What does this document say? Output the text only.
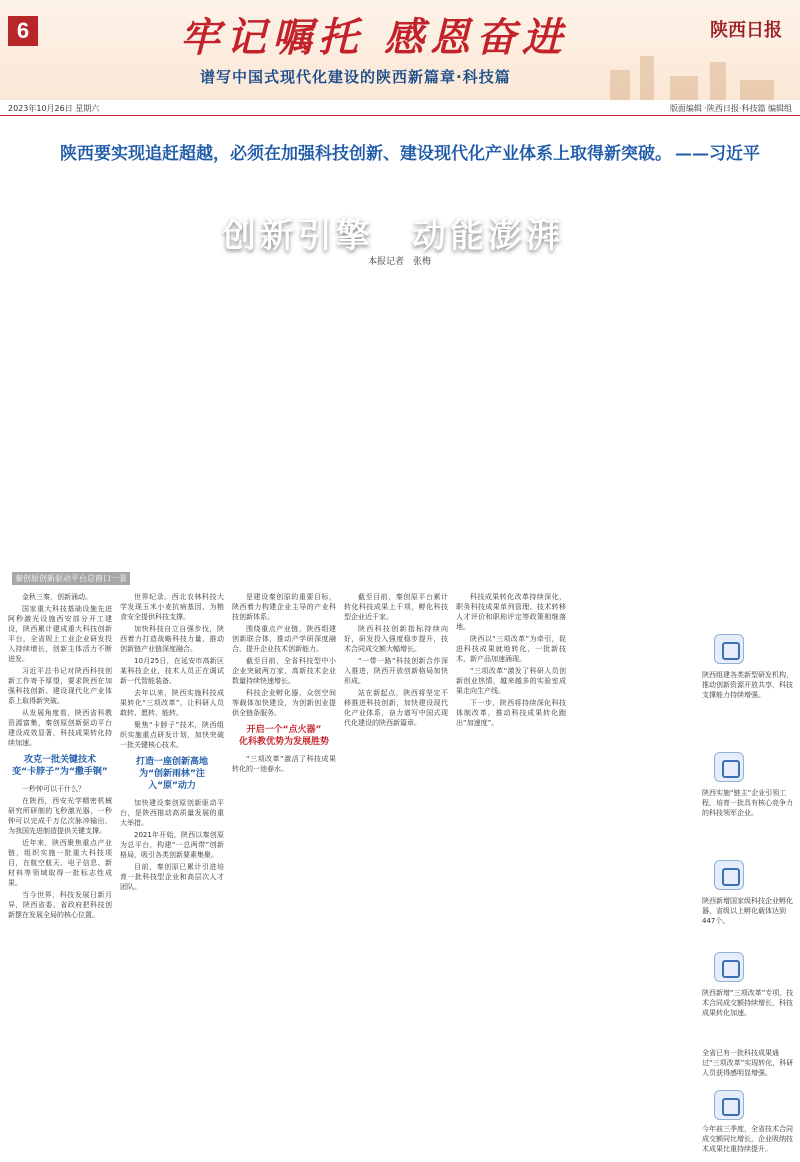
6	牢记嘱托 感恩奋进	陕西日报
谱写中国式现代化建设的陕西新篇章·科技篇
2023年10月26日 星期六	版面编辑 ·陕西日报·科技篇 编辑组
秦创原总窗口
秦创原
陕西要实现追赶超越，必须在加强科技创新、建设现代化产业体系上取得新突破。 ——习近平
创新引擎　动能澎湃
本报记者　张梅
秦创原创新驱动平台总窗口一景

金秋三秦，创新涌动。

国家重大科技基础设施先进阿秒激光设施西安部分开工建设，陕西累计建成重大科技创新平台，全省规上工业企业研发投入持续增长，创新主体活力不断迸发。

习近平总书记对陕西科技创新工作寄予厚望，要求陕西在加强科技创新、建设现代化产业体系上取得新突破。

从发展角度看，陕西省科教资源富集，秦创原创新驱动平台建设成效显著，科技成果转化持续加速。

攻克一批关键技术
变“卡脖子”为“撒手锏”

一秒钟可以干什么？

在陕西，西安光学精密机械研究所研制的飞秒激光器，一秒钟可以完成千万亿次脉冲输出，为我国先进制造提供关键支撑。

近年来，陕西聚焦重点产业链，组织实施一批重大科技项目，在航空航天、电子信息、新材料等领域取得一批标志性成果。

当今世界，科技发展日新月异，陕西省委、省政府把科技创新摆在发展全局的核心位置。

世界纪录。西北农林科技大学发现玉米小麦抗病基因，为粮食安全提供科技支撑。

加快科技自立自强步伐，陕西着力打造战略科技力量，推动创新链产业链深度融合。

10月25日，在延安市高新区某科技企业，技术人员正在调试新一代智能装备。

去年以来，陕西实施科技成果转化“三项改革”，让科研人员敢转、愿转、能转。

聚焦“卡脖子”技术，陕西组织实施重点研发计划，加快突破一批关键核心技术。

打造一座创新高地
为“创新雨林”注入“原”动力

加快建设秦创原创新驱动平台，是陕西推动高质量发展的重大举措。

2021年开始，陕西以秦创原为总平台，构建“一总两带”创新格局，吸引各类创新要素集聚。

目前，秦创原已累计引进培育一批科技型企业和高层次人才团队。

是建设秦创原的重要目标，陕西着力构建企业主导的产业科技创新体系。

围绕重点产业链，陕西组建创新联合体，推动产学研深度融合，提升企业技术创新能力。

截至目前，全省科技型中小企业突破两万家，高新技术企业数量持续快速增长。

科技企业孵化器、众创空间等载体加快建设，为创新创业提供全链条服务。

开启一个“点火器”
化科教优势为发展胜势

“三项改革”激活了科技成果转化的一池春水。

截至目前，秦创原平台累计转化科技成果上千项，孵化科技型企业近千家。

陕西科技创新指标持续向好，研发投入强度稳步提升，技术合同成交额大幅增长。

“一带一路”科技创新合作深入推进，陕西开放创新格局加快形成。

站在新起点，陕西将坚定不移推进科技创新，加快建设现代化产业体系，奋力谱写中国式现代化建设的陕西新篇章。

科技成果转化改革持续深化，职务科技成果单列管理、技术转移人才评价和职称评定等政策相继落地。

陕西以“三项改革”为牵引，促进科技成果就地转化，一批新技术、新产品加速涌现。

“三项改革”激发了科研人员创新创业热情，越来越多的实验室成果走向生产线。

下一步，陕西将持续深化科技体制改革，推动科技成果转化跑出“加速度”。

陕西组建各类新型研发机构，推动创新资源开放共享，科技支撑能力持续增强。
陕西实施“链主”企业引领工程，培育一批具有核心竞争力的科技领军企业。
陕西新增国家级科技企业孵化器，省级以上孵化载体达到447个。
陕西新增“三项改革”专项，技术合同成交额持续增长，科技成果转化加速。
全省已有一批科技成果通过“三项改革”实现转化，科研人员获得感明显增强。
今年前三季度，全省技术合同成交额同比增长，企业吸纳技术成果比重持续提升。
